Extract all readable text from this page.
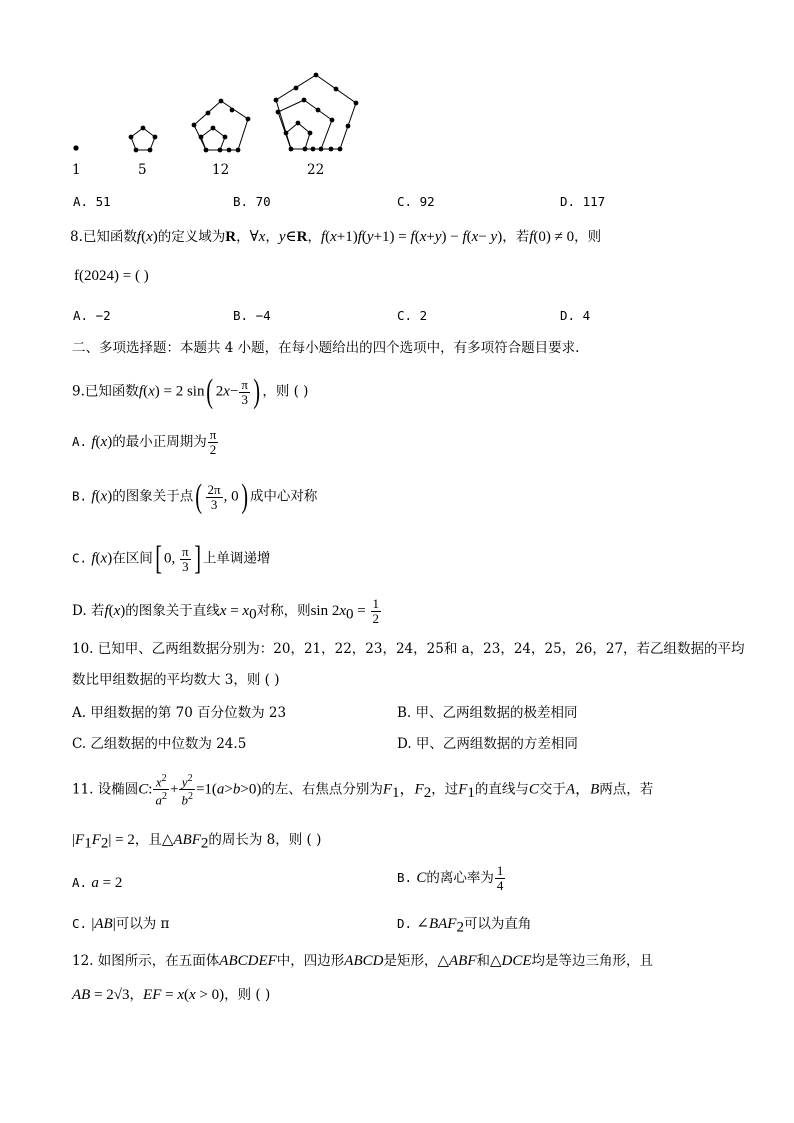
1	5	12	22
A. 51	B. 70	C. 92	D. 117
8.已知函数f(x)的定义域为R，∀x，y∈R，f(x+1)f(y+1) = f(x+y) − f(x− y)，若f(0) ≠ 0，则
f(2024) = ( )
A. −2	B. −4	C. 2	D. 4
二、多项选择题：本题共 4 小题，在每小题给出的四个选项中，有多项符合题目要求.
9.已知函数f(x) = 2 sin( $2x- \frac{\pi}{3}$ ) ，则 ( )
A. f(x)的最小正周期为 $\frac{\pi}{2}$
B. f(x)的图象关于点( $\frac{2\pi}{3}$ , 0) 成中心对称
C. f(x)在区间[ 0, $\frac{\pi}{3}$ ] 上单调递增
D. 若f(x)的图象关于直线$x = x_0$对称，则$\sin 2x_0 = \frac{1}{2}$
10. 已知甲、乙两组数据分别为：20，21，22，23，24，25和 a，23，24，25，26，27，若乙组数据的平均
数比甲组数据的平均数大 3，则 ( )
A. 甲组数据的第 70 百分位数为 23	B. 甲、乙两组数据的极差相同
C. 乙组数据的中位数为 24.5	D. 甲、乙两组数据的方差相同
11. 设椭圆C: $\frac{x^2}{a^2} + \frac{y^2}{b^2} =1(a>b>0)$的左、右焦点分别为$F_1$，$F_2$，过$F_1$的直线与C交于A，B两点，若
$|F_1F_2| = 2$，且$\triangle ABF_2$的周长为 8，则 ( )
A. a = 2	B. C的离心率为 $\frac{1}{4}$
C. |AB|可以为 π	D. $\angle BAF_2$可以为直角
12. 如图所示，在五面体ABCDEF中，四边形ABCD是矩形，△ABF和△DCE均是等边三角形，且
AB = 2√3，EF = x(x > 0)，则 ( )
